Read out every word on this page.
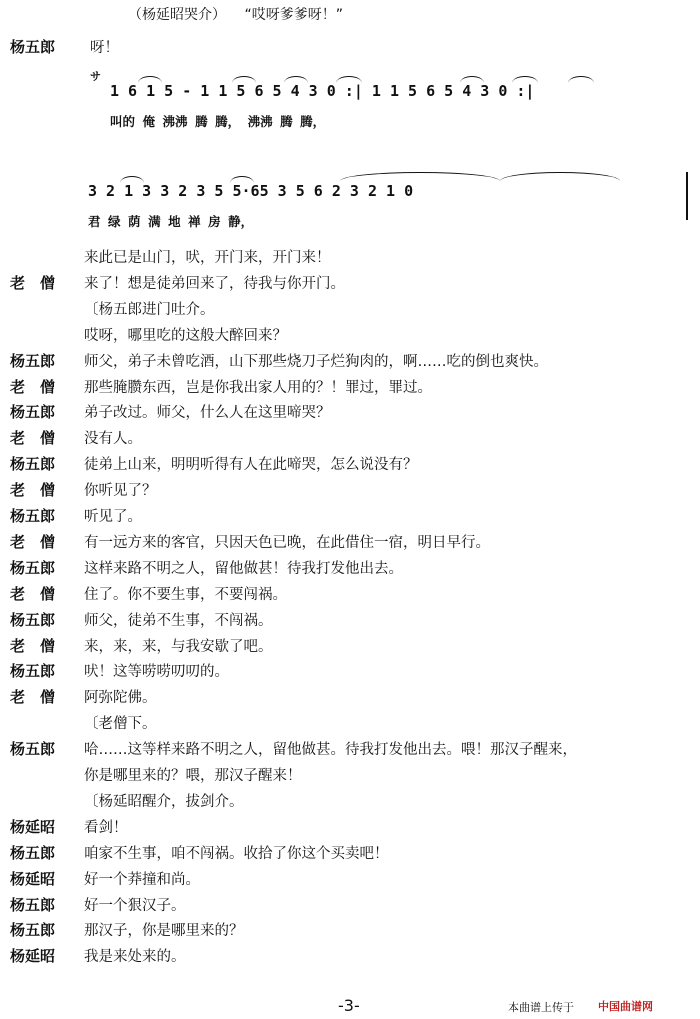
（杨延昭哭介） “哎呀爹爹呀！”
杨五郎 呀！
サ
1 6 1 5 - 1 1 5 6 5 4 3 0 :| 1 1 5 6 5 4 3 0 :|
叫的 俺 沸沸 腾 腾， 沸沸 腾 腾，
3 2 1 3 3 2 3 5 5·65 3 5 6 2 3 2 1 0
君 绿 荫 满 地 禅 房 静，
来此已是山门，吠，开门来，开门来！
老　僧 来了！想是徒弟回来了，待我与你开门。
〔杨五郎进门吐介。
哎呀，哪里吃的这般大醉回来？
杨五郎 师父，弟子未曾吃酒，山下那些烧刀子烂狗肉的，啊……吃的倒也爽快。
老　僧 那些腌臜东西，岂是你我出家人用的？！罪过，罪过。
杨五郎 弟子改过。师父，什么人在这里啼哭？
老　僧 没有人。
杨五郎 徒弟上山来，明明听得有人在此啼哭，怎么说没有？
老　僧 你听见了？
杨五郎 听见了。
老　僧 有一远方来的客官，只因天色已晚，在此借住一宿，明日早行。
杨五郎 这样来路不明之人，留他做甚！待我打发他出去。
老　僧 住了。你不要生事，不要闯祸。
杨五郎 师父，徒弟不生事，不闯祸。
老　僧 来，来，来，与我安歇了吧。
杨五郎 吠！这等唠唠叨叨的。
老　僧 阿弥陀佛。
〔老僧下。
杨五郎 哈……这等样来路不明之人，留他做甚。待我打发他出去。喂！那汉子醒来，
你是哪里来的？喂，那汉子醒来！
〔杨延昭醒介，拔剑介。
杨延昭 看剑！
杨五郎 咱家不生事，咱不闯祸。收拾了你这个买卖吧！
杨延昭 好一个莽撞和尚。
杨五郎 好一个狠汉子。
杨五郎 那汉子，你是哪里来的？
杨延昭 我是来处来的。
-3-	本曲谱上传于 中国曲谱网
